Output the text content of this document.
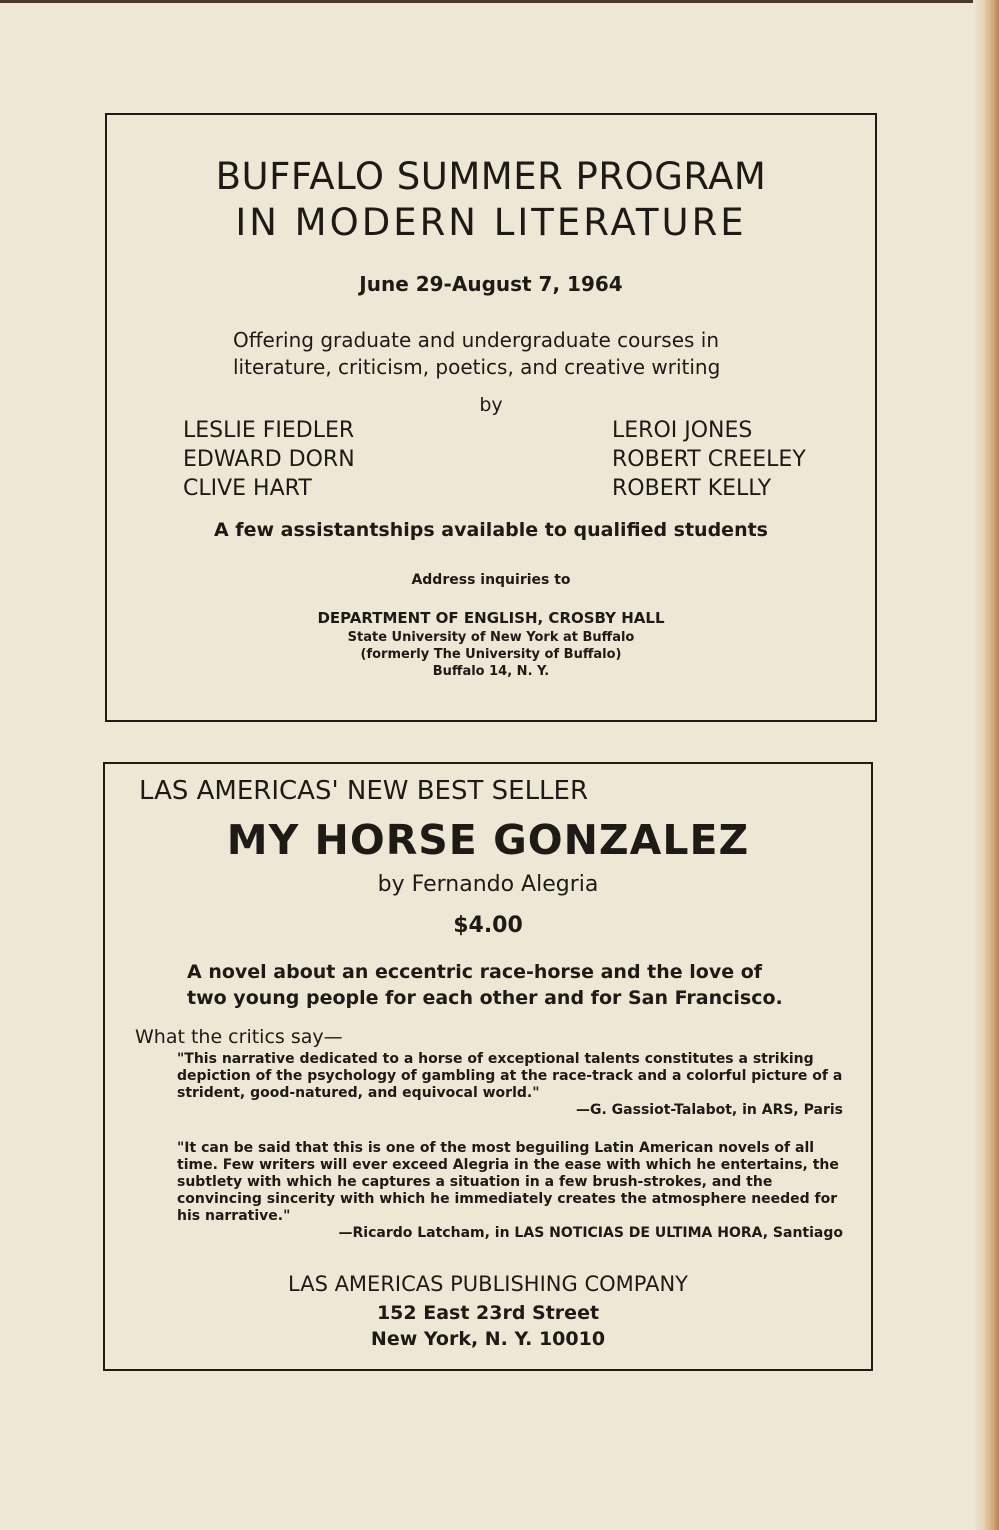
BUFFALO SUMMER PROGRAM

IN MODERN LITERATURE

June 29-August 7, 1964

Offering graduate and undergraduate courses in

literature, criticism, poetics, and creative writing

by

LESLIE FIEDLER

EDWARD DORN

CLIVE HART

LEROI JONES

ROBERT CREELEY

ROBERT KELLY

A few assistantships available to qualified students

Address inquiries to

DEPARTMENT OF ENGLISH, CROSBY HALL

State University of New York at Buffalo

(formerly The University of Buffalo)

Buffalo 14, N. Y.

LAS AMERICAS' NEW BEST SELLER

MY HORSE GONZALEZ

by Fernando Alegria

$4.00

A novel about an eccentric race-horse and the love of

two young people for each other and for San Francisco.

What the critics say—

"This narrative dedicated to a horse of exceptional talents constitutes a striking depiction of the psychology of gambling at the race-track and a colorful picture of a strident, good-natured, and equivocal world."

—G. Gassiot-Talabot, in ARS, Paris

"It can be said that this is one of the most beguiling Latin American novels of all time. Few writers will ever exceed Alegria in the ease with which he entertains, the subtlety with which he captures a situation in a few brush-strokes, and the convincing sincerity with which he immediately creates the atmosphere needed for his narrative."

—Ricardo Latcham, in LAS NOTICIAS DE ULTIMA HORA, Santiago

LAS AMERICAS PUBLISHING COMPANY

152 East 23rd Street

New York, N. Y. 10010
